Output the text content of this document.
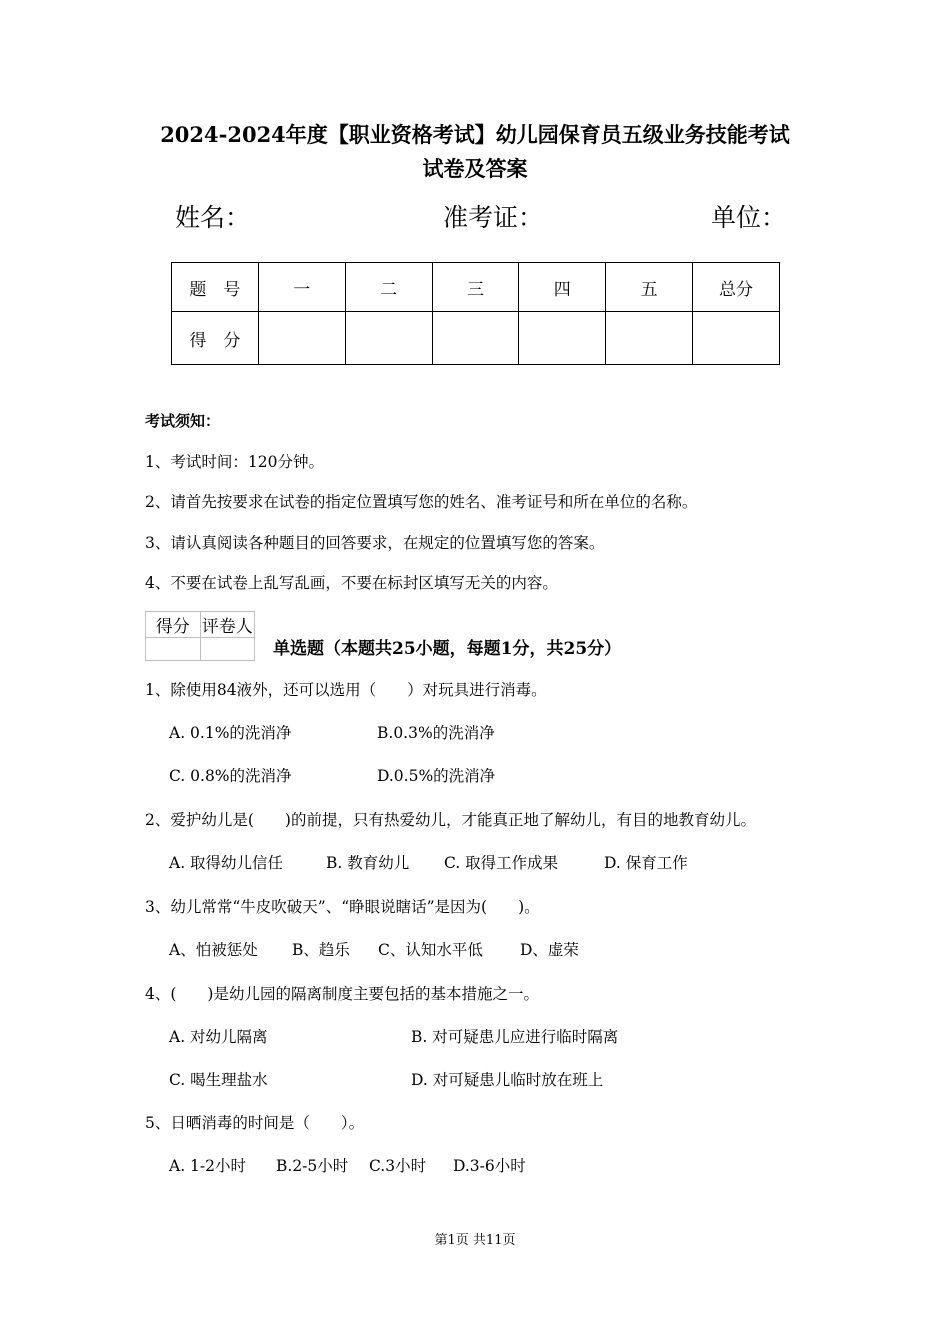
2024-2024年度【职业资格考试】幼儿园保育员五级业务技能考试
试卷及答案
姓名：	准考证：	单位：
题　号	一	二	三	四	五	总分
得　分						
考试须知：
1、考试时间：120分钟。
2、请首先按要求在试卷的指定位置填写您的姓名、准考证号和所在单位的名称。
3、请认真阅读各种题目的回答要求，在规定的位置填写您的答案。
4、不要在试卷上乱写乱画，不要在标封区填写无关的内容。
得分	评卷人

单选题（本题共25小题，每题1分，共25分）
1、除使用84液外，还可以选用（　　）对玩具进行消毒。
A. 0.1%的洗消净	B.0.3%的洗消净
C. 0.8%的洗消净	D.0.5%的洗消净
2、爱护幼儿是(　　)的前提，只有热爱幼儿，才能真正地了解幼儿，有目的地教育幼儿。
A. 取得幼儿信任	B. 教育幼儿 C. 取得工作成果	D. 保育工作
3、幼儿常常“牛皮吹破天”、“睁眼说瞎话”是因为(　　)。
A、怕被惩处 B、趋乐 C、认知水平低 D、虚荣
4、(　　)是幼儿园的隔离制度主要包括的基本措施之一。
A. 对幼儿隔离	B. 对可疑患儿应进行临时隔离
C. 喝生理盐水	D. 对可疑患儿临时放在班上
5、日晒消毒的时间是（　　）。
A. 1-2小时 B.2-5小时 C.3小时 D.3-6小时
第1页 共11页
